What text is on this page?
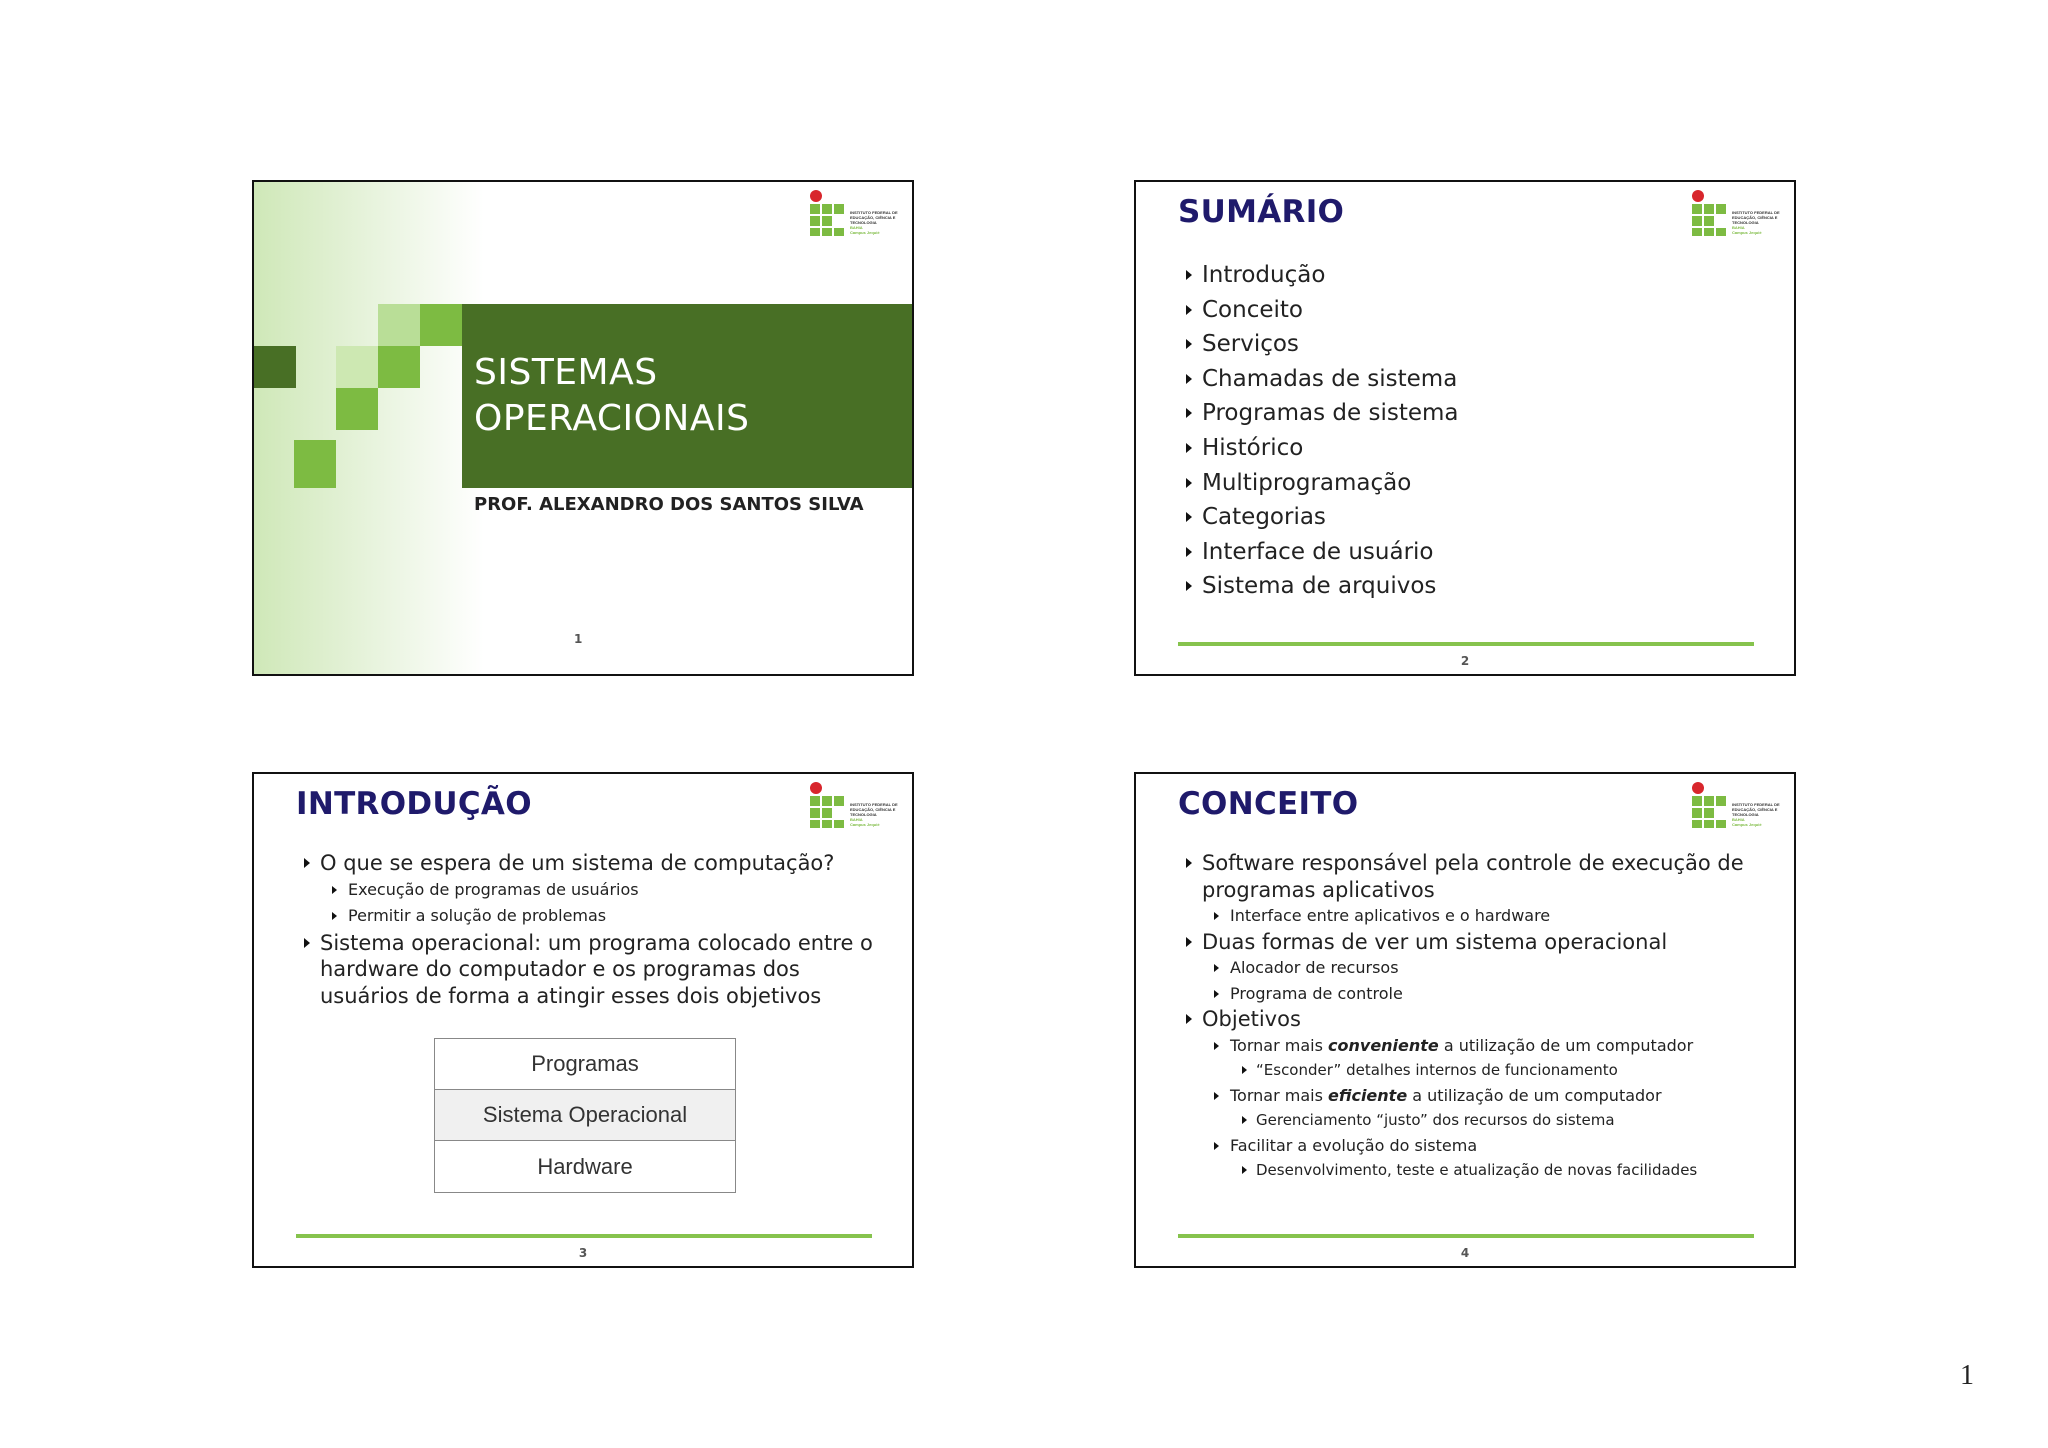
INSTITUTO FEDERAL DE
EDUCAÇÃO, CIÊNCIA E TECNOLOGIA
BAHIA
Campus Jequié
SISTEMAS
OPERACIONAIS
PROF. ALEXANDRO DOS SANTOS SILVA
1
INSTITUTO FEDERAL DE
EDUCAÇÃO, CIÊNCIA E TECNOLOGIA
BAHIA
Campus Jequié
SUMÁRIO
Introdução
Conceito
Serviços
Chamadas de sistema
Programas de sistema
Histórico
Multiprogramação
Categorias
Interface de usuário
Sistema de arquivos
2
INSTITUTO FEDERAL DE
EDUCAÇÃO, CIÊNCIA E TECNOLOGIA
BAHIA
Campus Jequié
INTRODUÇÃO
O que se espera de um sistema de computação?
Execução de programas de usuários
Permitir a solução de problemas
Sistema operacional: um programa colocado entre o hardware do computador e os programas dos usuários de forma a atingir esses dois objetivos
Programas
Sistema Operacional
Hardware
3
INSTITUTO FEDERAL DE
EDUCAÇÃO, CIÊNCIA E TECNOLOGIA
BAHIA
Campus Jequié
CONCEITO
Software responsável pela controle de execução de programas aplicativos
Interface entre aplicativos e o hardware
Duas formas de ver um sistema operacional
Alocador de recursos
Programa de controle
Objetivos
Tornar mais conveniente a utilização de um computador
“Esconder” detalhes internos de funcionamento
Tornar mais eficiente a utilização de um computador
Gerenciamento “justo” dos recursos do sistema
Facilitar a evolução do sistema
Desenvolvimento, teste e atualização de novas facilidades
4
1
